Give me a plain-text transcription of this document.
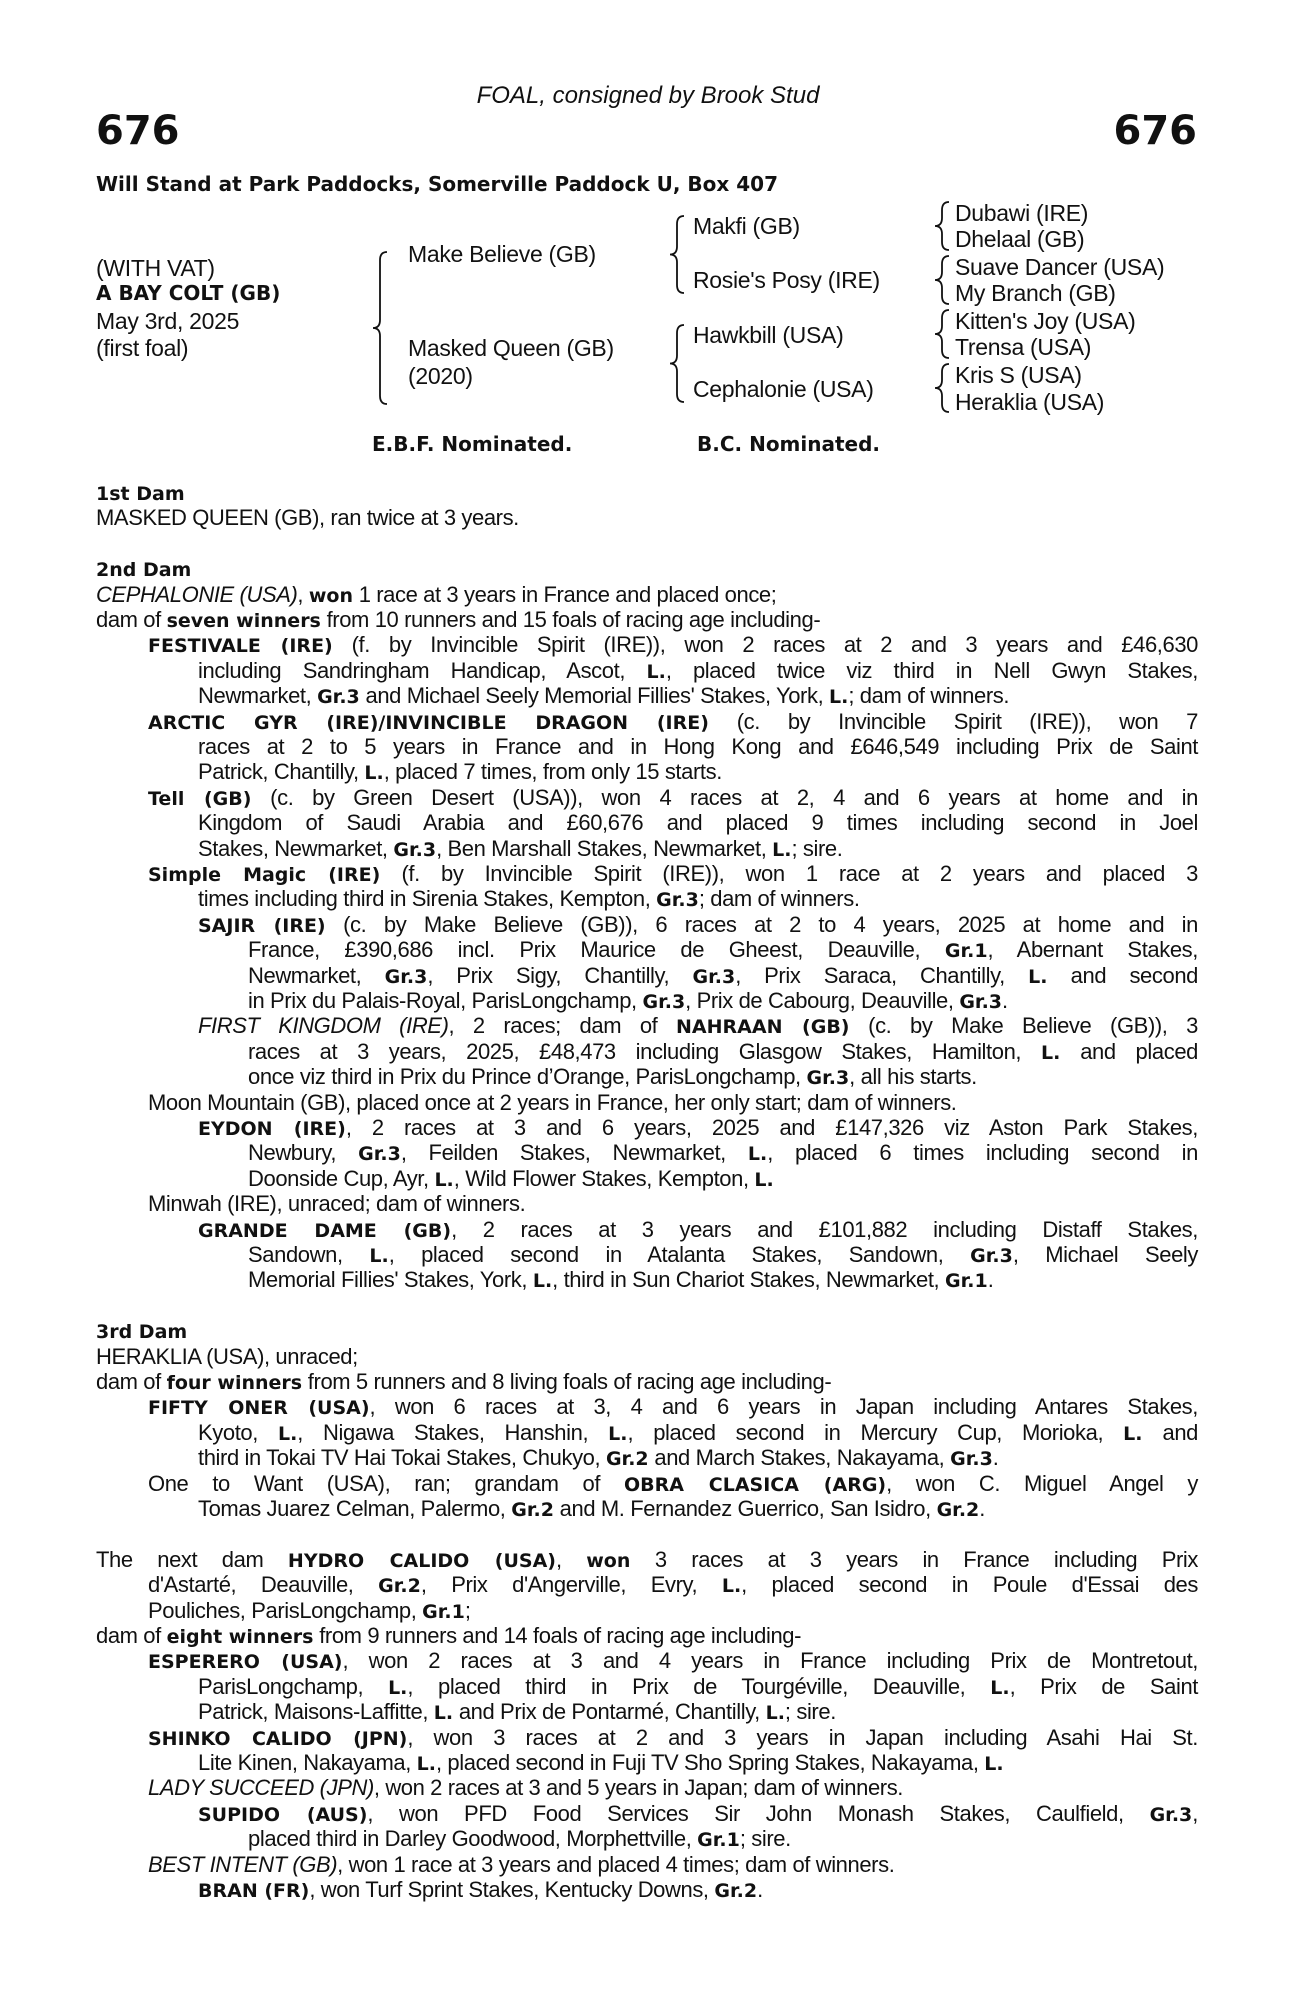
FOAL, consigned by Brook Stud
676	676
Will Stand at Park Paddocks, Somerville Paddock U, Box 407
(WITH VAT)
A BAY COLT (GB)
May 3rd, 2025
(first foal)
Make Believe (GB)
Masked Queen (GB)
(2020)
Makfi (GB)
Rosie's Posy (IRE)
Hawkbill (USA)
Cephalonie (USA)
Dubawi (IRE)
Dhelaal (GB)
Suave Dancer (USA)
My Branch (GB)
Kitten's Joy (USA)
Trensa (USA)
Kris S (USA)
Heraklia (USA)
E.B.F. Nominated.	B.C. Nominated.
1st Dam
MASKED QUEEN (GB), ran twice at 3 years.
2nd Dam
CEPHALONIE (USA), won 1 race at 3 years in France and placed once;
dam of seven winners from 10 runners and 15 foals of racing age including-
FESTIVALE (IRE) (f. by Invincible Spirit (IRE)), won 2 races at 2 and 3 years and £46,630
including Sandringham Handicap, Ascot, L., placed twice viz third in Nell Gwyn Stakes,
Newmarket, Gr.3 and Michael Seely Memorial Fillies' Stakes, York, L.; dam of winners.
ARCTIC GYR (IRE)/INVINCIBLE DRAGON (IRE) (c. by Invincible Spirit (IRE)), won 7
races at 2 to 5 years in France and in Hong Kong and £646,549 including Prix de Saint
Patrick, Chantilly, L., placed 7 times, from only 15 starts.
Tell (GB) (c. by Green Desert (USA)), won 4 races at 2, 4 and 6 years at home and in
Kingdom of Saudi Arabia and £60,676 and placed 9 times including second in Joel
Stakes, Newmarket, Gr.3, Ben Marshall Stakes, Newmarket, L.; sire.
Simple Magic (IRE) (f. by Invincible Spirit (IRE)), won 1 race at 2 years and placed 3
times including third in Sirenia Stakes, Kempton, Gr.3; dam of winners.
SAJIR (IRE) (c. by Make Believe (GB)), 6 races at 2 to 4 years, 2025 at home and in
France, £390,686 incl. Prix Maurice de Gheest, Deauville, Gr.1, Abernant Stakes,
Newmarket, Gr.3, Prix Sigy, Chantilly, Gr.3, Prix Saraca, Chantilly, L. and second
in Prix du Palais-Royal, ParisLongchamp, Gr.3, Prix de Cabourg, Deauville, Gr.3.
FIRST KINGDOM (IRE), 2 races; dam of NAHRAAN (GB) (c. by Make Believe (GB)), 3
races at 3 years, 2025, £48,473 including Glasgow Stakes, Hamilton, L. and placed
once viz third in Prix du Prince d’Orange, ParisLongchamp, Gr.3, all his starts.
Moon Mountain (GB), placed once at 2 years in France, her only start; dam of winners.
EYDON (IRE), 2 races at 3 and 6 years, 2025 and £147,326 viz Aston Park Stakes,
Newbury, Gr.3, Feilden Stakes, Newmarket, L., placed 6 times including second in
Doonside Cup, Ayr, L., Wild Flower Stakes, Kempton, L.
Minwah (IRE), unraced; dam of winners.
GRANDE DAME (GB), 2 races at 3 years and £101,882 including Distaff Stakes,
Sandown, L., placed second in Atalanta Stakes, Sandown, Gr.3, Michael Seely
Memorial Fillies' Stakes, York, L., third in Sun Chariot Stakes, Newmarket, Gr.1.
3rd Dam
HERAKLIA (USA), unraced;
dam of four winners from 5 runners and 8 living foals of racing age including-
FIFTY ONER (USA), won 6 races at 3, 4 and 6 years in Japan including Antares Stakes,
Kyoto, L., Nigawa Stakes, Hanshin, L., placed second in Mercury Cup, Morioka, L. and
third in Tokai TV Hai Tokai Stakes, Chukyo, Gr.2 and March Stakes, Nakayama, Gr.3.
One to Want (USA), ran; grandam of OBRA CLASICA (ARG), won C. Miguel Angel y
Tomas Juarez Celman, Palermo, Gr.2 and M. Fernandez Guerrico, San Isidro, Gr.2.
The next dam HYDRO CALIDO (USA), won 3 races at 3 years in France including Prix
d'Astarté, Deauville, Gr.2, Prix d'Angerville, Evry, L., placed second in Poule d'Essai des
Pouliches, ParisLongchamp, Gr.1;
dam of eight winners from 9 runners and 14 foals of racing age including-
ESPERERO (USA), won 2 races at 3 and 4 years in France including Prix de Montretout,
ParisLongchamp, L., placed third in Prix de Tourgéville, Deauville, L., Prix de Saint
Patrick, Maisons-Laffitte, L. and Prix de Pontarmé, Chantilly, L.; sire.
SHINKO CALIDO (JPN), won 3 races at 2 and 3 years in Japan including Asahi Hai St.
Lite Kinen, Nakayama, L., placed second in Fuji TV Sho Spring Stakes, Nakayama, L.
LADY SUCCEED (JPN), won 2 races at 3 and 5 years in Japan; dam of winners.
SUPIDO (AUS), won PFD Food Services Sir John Monash Stakes, Caulfield, Gr.3,
placed third in Darley Goodwood, Morphettville, Gr.1; sire.
BEST INTENT (GB), won 1 race at 3 years and placed 4 times; dam of winners.
BRAN (FR), won Turf Sprint Stakes, Kentucky Downs, Gr.2.
